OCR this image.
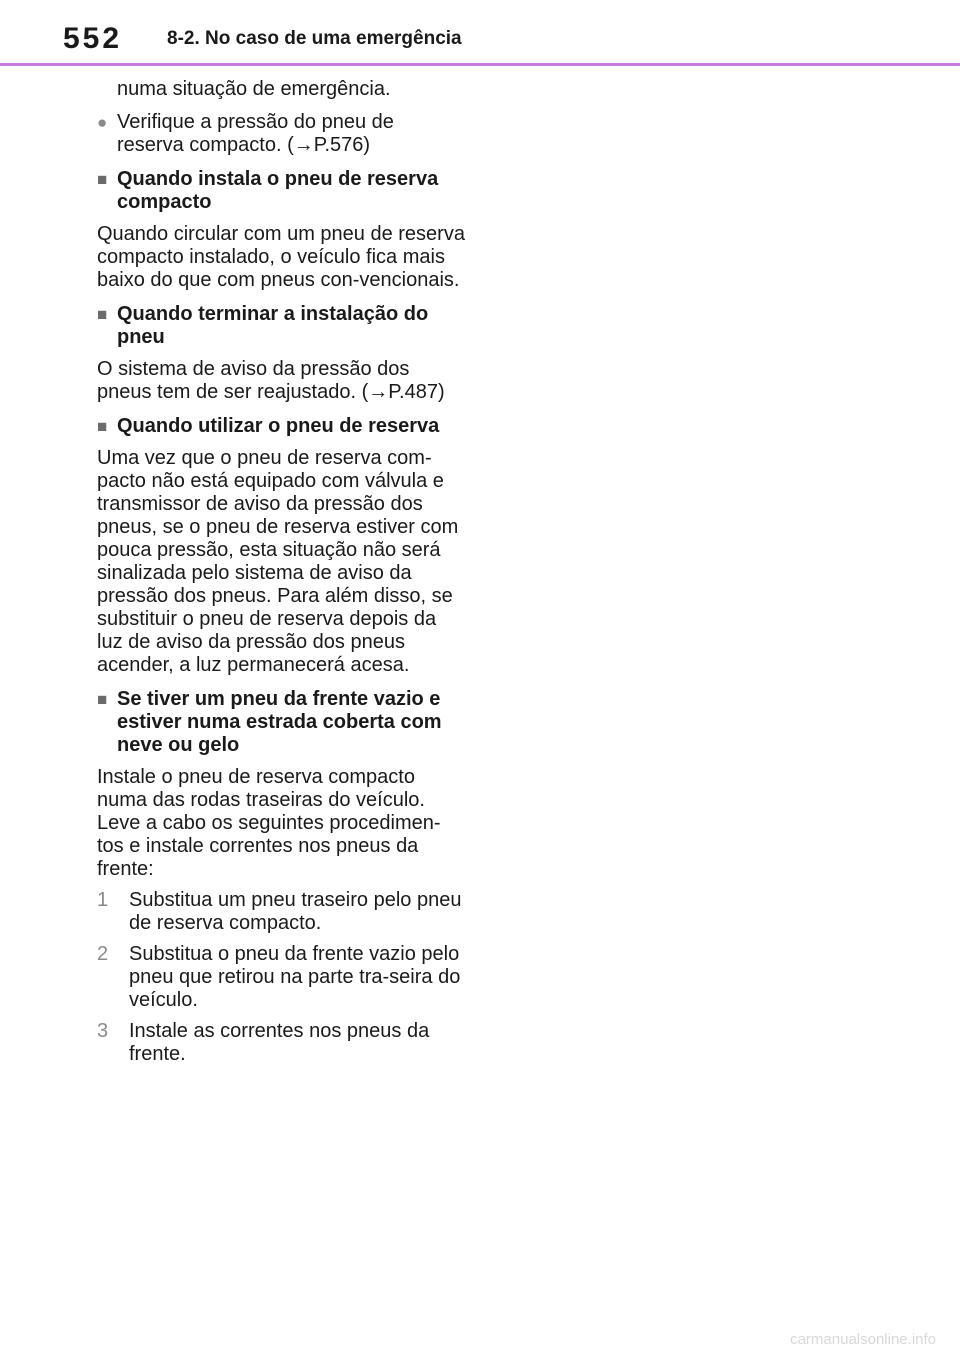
552 8-2. No caso de uma emergência

numa situação de emergência.

● Verifique a pressão do pneu de reserva compacto. (→P.576)
■ Quando instala o pneu de reserva compacto

Quando circular com um pneu de reserva compacto instalado, o veículo fica mais baixo do que com pneus con-vencionais.

■ Quando terminar a instalação do pneu

O sistema de aviso da pressão dos pneus tem de ser reajustado. (→P.487)

■ Quando utilizar o pneu de reserva

Uma vez que o pneu de reserva com-pacto não está equipado com válvula e transmissor de aviso da pressão dos pneus, se o pneu de reserva estiver com pouca pressão, esta situação não será sinalizada pelo sistema de aviso da pressão dos pneus. Para além disso, se substituir o pneu de reserva depois da luz de aviso da pressão dos pneus acender, a luz permanecerá acesa.

■ Se tiver um pneu da frente vazio e estiver numa estrada coberta com neve ou gelo

Instale o pneu de reserva compacto numa das rodas traseiras do veículo. Leve a cabo os seguintes procedimen-tos e instale correntes nos pneus da frente:

1	Substitua um pneu traseiro pelo pneu de reserva compacto.
2	Substitua o pneu da frente vazio pelo pneu que retirou na parte tra-seira do veículo.
3	Instale as correntes nos pneus da frente.
carmanualsonline.info
